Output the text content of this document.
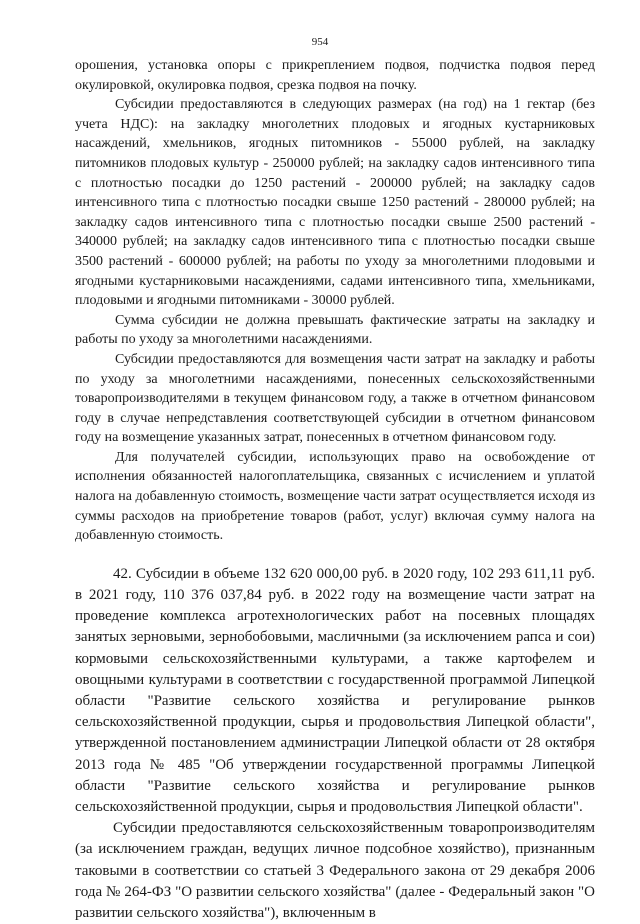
954

орошения, установка опоры с прикреплением подвоя, подчистка подвоя перед окулировкой, окулировка подвоя, срезка подвоя на почку.

Субсидии предоставляются в следующих размерах (на год) на 1 гектар (без учета НДС): на закладку многолетних плодовых и ягодных кустарниковых насаждений, хмельников, ягодных питомников - 55000 рублей, на закладку питомников плодовых культур - 250000 рублей; на закладку садов интенсивного типа с плотностью посадки до 1250 растений - 200000 рублей; на закладку садов интенсивного типа с плотностью посадки свыше 1250 растений - 280000 рублей; на закладку садов интенсивного типа с плотностью посадки свыше 2500 растений - 340000 рублей; на закладку садов интенсивного типа с плотностью посадки свыше 3500 растений - 600000 рублей; на работы по уходу за многолетними плодовыми и ягодными кустарниковыми насаждениями, садами интенсивного типа, хмельниками, плодовыми и ягодными питомниками - 30000 рублей.

Сумма субсидии не должна превышать фактические затраты на закладку и работы по уходу за многолетними насаждениями.

Субсидии предоставляются для возмещения части затрат на закладку и работы по уходу за многолетними насаждениями, понесенных сельскохозяйственными товаропроизводителями в текущем финансовом году, а также в отчетном финансовом году в случае непредставления соответствующей субсидии в отчетном финансовом году на возмещение указанных затрат, понесенных в отчетном финансовом году.

Для получателей субсидии, использующих право на освобождение от исполнения обязанностей налогоплательщика, связанных с исчислением и уплатой налога на добавленную стоимость, возмещение части затрат осуществляется исходя из суммы расходов на приобретение товаров (работ, услуг) включая сумму налога на добавленную стоимость.

42. Субсидии в объеме 132 620 000,00 руб. в 2020 году, 102 293 611,11 руб. в 2021 году, 110 376 037,84 руб. в 2022 году на возмещение части затрат на проведение комплекса агротехнологических работ на посевных площадях занятых зерновыми, зернобобовыми, масличными (за исключением рапса и сои) кормовыми сельскохозяйственными культурами, а также картофелем и овощными культурами в соответствии с государственной программой Липецкой области "Развитие сельского хозяйства и регулирование рынков сельскохозяйственной продукции, сырья и продовольствия Липецкой области", утвержденной постановлением администрации Липецкой области от 28 октября 2013 года № 485 "Об утверждении государственной программы Липецкой области "Развитие сельского хозяйства и регулирование рынков сельскохозяйственной продукции, сырья и продовольствия Липецкой области".

Субсидии предоставляются сельскохозяйственным товаропроизводителям (за исключением граждан, ведущих личное подсобное хозяйство), признанным таковыми в соответствии со статьей 3 Федерального закона от 29 декабря 2006 года № 264-ФЗ "О развитии сельского хозяйства" (далее - Федеральный закон "О развитии сельского хозяйства"), включенным в
